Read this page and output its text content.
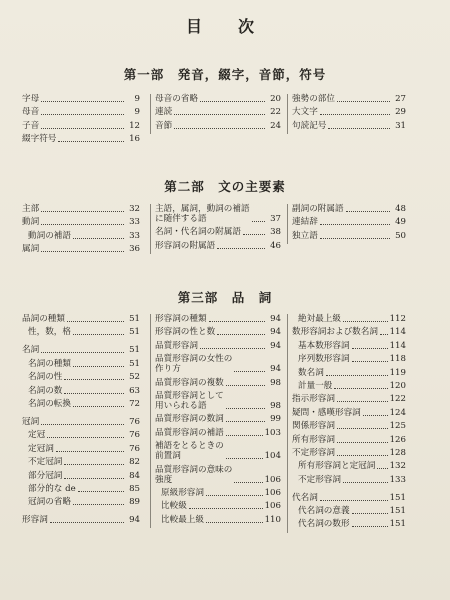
目　次
第一部　発音，綴字，音節，符号
字母	9
母音	9
子音	12
綴字符号	16
母音の省略	20
連読	22
音節	24
強勢の部位	27
大文字	29
句読記号	31
第二部　文の主要素
主部	32
動詞	33
動詞の補語	33
属詞	36
主語，属詞，動詞の補語
に随伴する語	37
名詞・代名詞の附属語	38
形容詞の附属語	46
副詞の附属語	48
連結辞	49
独立語	50
第三部　品　詞
品詞の種類	51
性，数，格	51
名詞	51
名詞の種類	51
名詞の性	52
名詞の数	63
名詞の転換	72
冠詞	76
定冠	76
定冠詞	76
不定冠詞	82
部分冠詞	84
部分的な de	85
冠詞の省略	89
形容詞	94
形容詞の種類	94
形容詞の性と数	94
品質形容詞	94
品質形容詞の女性の
作り方	94
品質形容詞の複数	98
品質形容詞として
用いられる語	98
品質形容詞の数詞	99
品質形容詞の補語	103
補語をとるときの
前置詞	104
品質形容詞の意味の
強度	106
原級形容詞	106
比較級	106
比較最上級	110
絶対最上級	112
数形容詞および数名詞 114
基本数形容詞	114
序列数形容詞	118
数名詞	119
計量一般	120
指示形容詞	122
疑問・感嘆形容詞	124
関係形容詞	125
所有形容詞	126
不定形容詞	128
所有形容詞と定冠詞 132
不定形容詞	133
代名詞	151
代名詞の意義	151
代名詞の数形	151
